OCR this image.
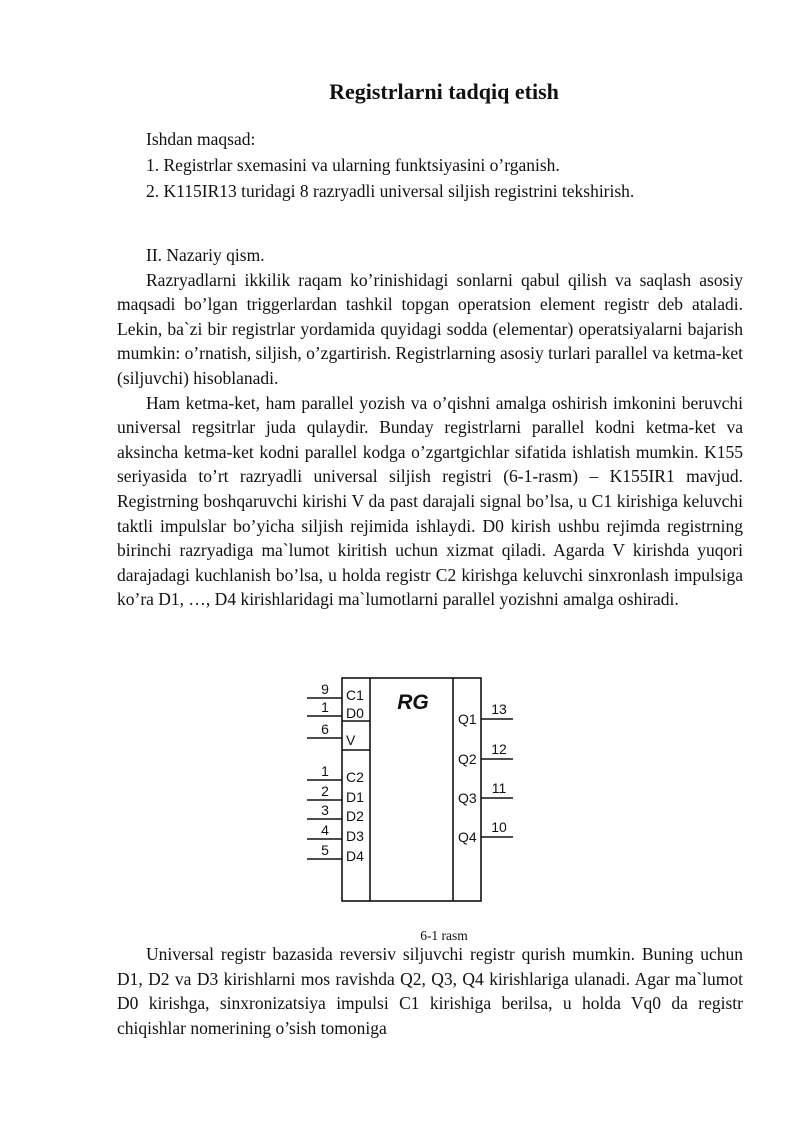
Registrlarni tadqiq etish
Ishdan maqsad:
1. Registrlar sxemasini va ularning funktsiyasini o’rganish.
2. K115IR13 turidagi 8 razryadli universal siljish registrini tekshirish.

II. Nazariy qism.

Razryadlarni ikkilik raqam ko’rinishidagi sonlarni qabul qilish va saqlash asosiy maqsadi bo’lgan triggerlardan tashkil topgan operatsion element registr deb ataladi. Lekin, ba`zi bir registrlar yordamida quyidagi sodda (elementar) operatsiyalarni bajarish mumkin: o’rnatish, siljish, o’zgartirish. Registrlarning asosiy turlari parallel va ketma-ket (siljuvchi) hisoblanadi.

Ham ketma-ket, ham parallel yozish va o’qishni amalga oshirish imkonini beruvchi universal regsitrlar juda qulaydir. Bunday registrlarni parallel kodni ketma-ket va aksincha ketma-ket kodni parallel kodga o’zgartgichlar sifatida ishlatish mumkin. K155 seriyasida to’rt razryadli universal siljish registri (6-1-rasm) – K155IR1 mavjud. Registrning boshqaruvchi kirishi V da past darajali signal bo’lsa, u C1 kirishiga keluvchi taktli impulslar bo’yicha siljish rejimida ishlaydi. D0 kirish ushbu rejimda registrning birinchi razryadiga ma`lumot kiritish uchun xizmat qiladi. Agarda V kirishda yuqori darajadagi kuchlanish bo’lsa, u holda registr C2 kirishga keluvchi sinxronlash impulsiga ko’ra D1, …, D4 kirishlaridagi ma`lumotlarni parallel yozishni amalga oshiradi.

9 C1
1 D0
6
V
1 C2
2 D1
3 D2
4 D3
5 D4
13
Q1
12
Q2
11
Q3
10
Q4
RG
6-1 rasm

Universal registr bazasida reversiv siljuvchi registr qurish mumkin. Buning uchun D1, D2 va D3 kirishlarni mos ravishda Q2, Q3, Q4 kirishlariga ulanadi. Agar ma`lumot D0 kirishga, sinxronizatsiya impulsi C1 kirishiga berilsa, u holda Vq0 da registr chiqishlar nomerining o’sish tomoniga
